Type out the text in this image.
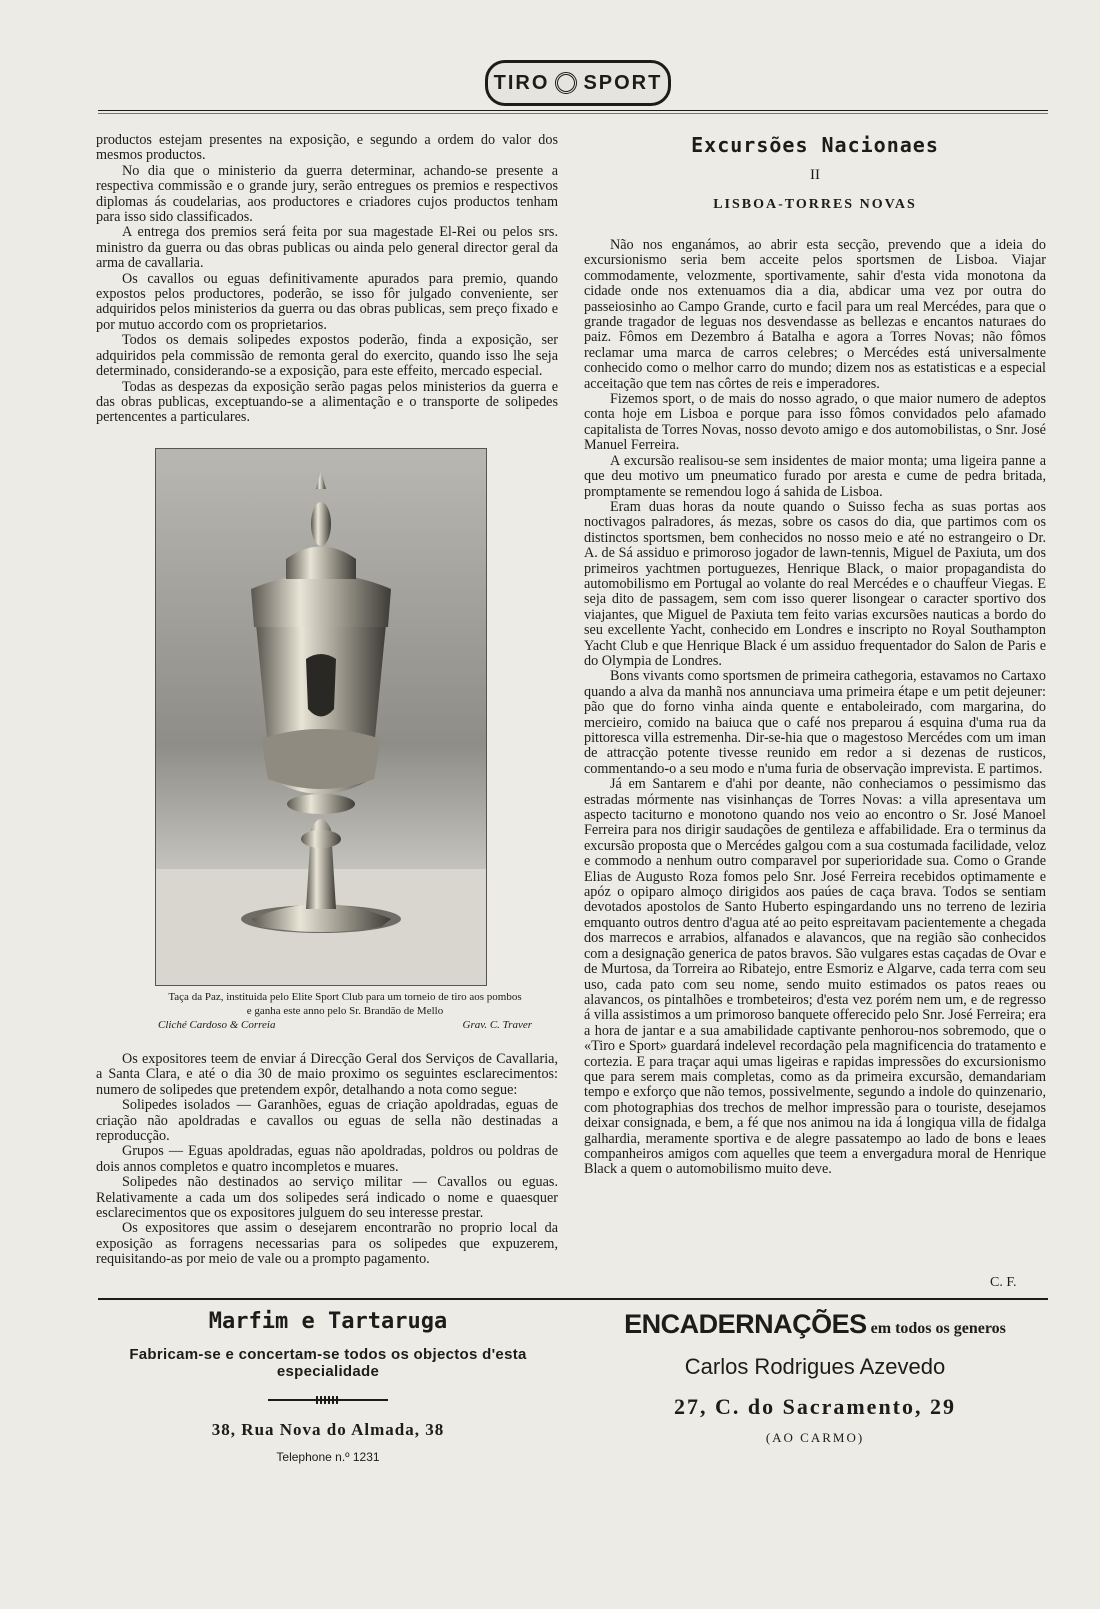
TIRO SPORT

productos estejam presentes na exposição, e segundo a ordem do valor dos mesmos productos.

No dia que o ministerio da guerra determinar, achando-se presente a respectiva commissão e o grande jury, serão entregues os premios e respectivos diplomas ás coudelarias, aos productores e criadores cujos productos tenham para isso sido classificados.

A entrega dos premios será feita por sua magestade El-Rei ou pelos srs. ministro da guerra ou das obras publicas ou ainda pelo general director geral da arma de cavallaria.

Os cavallos ou eguas definitivamente apurados para premio, quando expostos pelos productores, poderão, se isso fôr julgado conveniente, ser adquiridos pelos ministerios da guerra ou das obras publicas, sem preço fixado e por mutuo accordo com os proprietarios.

Todos os demais solipedes expostos poderão, finda a exposição, ser adquiridos pela commissão de remonta geral do exercito, quando isso lhe seja determinado, considerando-se a exposição, para este effeito, mercado especial.

Todas as despezas da exposição serão pagas pelos ministerios da guerra e das obras publicas, exceptuando-se a alimentação e o transporte de solipedes pertencentes a particulares.

Taça da Paz, instituida pelo Elite Sport Club para um torneio de tiro aos pombos
e ganha este anno pelo Sr. Brandão de Mello
Cliché Cardoso & Correia	Grav. C. Traver

Os expositores teem de enviar á Direcção Geral dos Serviços de Cavallaria, a Santa Clara, e até o dia 30 de maio proximo os seguintes esclarecimentos: numero de solipedes que pretendem expôr, detalhando a nota como segue:

Solipedes isolados — Garanhões, eguas de criação apoldradas, eguas de criação não apoldradas e cavallos ou eguas de sella não destinadas a reproducção.

Grupos — Eguas apoldradas, eguas não apoldradas, poldros ou poldras de dois annos completos e quatro incompletos e muares.

Solipedes não destinados ao serviço militar — Cavallos ou eguas. Relativamente a cada um dos solipedes será indicado o nome e quaesquer esclarecimentos que os expositores julguem do seu interesse prestar.

Os expositores que assim o desejarem encontrarão no proprio local da exposição as forragens necessarias para os solipedes que expuzerem, requisitando-as por meio de vale ou a prompto pagamento.

Excursões Nacionaes
II
LISBOA-TORRES NOVAS

Não nos enganámos, ao abrir esta secção, prevendo que a ideia do excursionismo seria bem acceite pelos sportsmen de Lisboa. Viajar commodamente, velozmente, sportivamente, sahir d'esta vida monotona da cidade onde nos extenuamos dia a dia, abdicar uma vez por outra do passeiosinho ao Campo Grande, curto e facil para um real Mercédes, para que o grande tragador de leguas nos desvendasse as bellezas e encantos naturaes do paiz. Fômos em Dezembro á Batalha e agora a Torres Novas; não fômos reclamar uma marca de carros celebres; o Mercédes está universalmente conhecido como o melhor carro do mundo; dizem nos as estatisticas e a especial acceitação que tem nas côrtes de reis e imperadores.

Fizemos sport, o de mais do nosso agrado, o que maior numero de adeptos conta hoje em Lisboa e porque para isso fômos convidados pelo afamado capitalista de Torres Novas, nosso devoto amigo e dos automobilistas, o Snr. José Manuel Ferreira.

A excursão realisou-se sem insidentes de maior monta; uma ligeira panne a que deu motivo um pneumatico furado por aresta e cume de pedra britada, promptamente se remendou logo á sahida de Lisboa.

Eram duas horas da noute quando o Suisso fecha as suas portas aos noctivagos palradores, ás mezas, sobre os casos do dia, que partimos com os distinctos sportsmen, bem conhecidos no nosso meio e até no estrangeiro o Dr. A. de Sá assiduo e primoroso jogador de lawn-tennis, Miguel de Paxiuta, um dos primeiros yachtmen portuguezes, Henrique Black, o maior propagandista do automobilismo em Portugal ao volante do real Mercédes e o chauffeur Viegas. E seja dito de passagem, sem com isso querer lisongear o caracter sportivo dos viajantes, que Miguel de Paxiuta tem feito varias excursões nauticas a bordo do seu excellente Yacht, conhecido em Londres e inscripto no Royal Southampton Yacht Club e que Henrique Black é um assiduo frequentador do Salon de Paris e do Olympia de Londres.

Bons vivants como sportsmen de primeira cathegoria, estavamos no Cartaxo quando a alva da manhã nos annunciava uma primeira étape e um petit dejeuner: pão que do forno vinha ainda quente e entaboleirado, com margarina, do mercieiro, comido na baiuca que o café nos preparou á esquina d'uma rua da pittoresca villa estremenha. Dir-se-hia que o magestoso Mercédes com um iman de attracção potente tivesse reunido em redor a si dezenas de rusticos, commentando-o a seu modo e n'uma furia de observação imprevista. E partimos.

Já em Santarem e d'ahi por deante, não conheciamos o pessimismo das estradas mórmente nas visinhanças de Torres Novas: a villa apresentava um aspecto taciturno e monotono quando nos veio ao encontro o Sr. José Manoel Ferreira para nos dirigir saudações de gentileza e affabilidade. Era o terminus da excursão proposta que o Mercédes galgou com a sua costumada facilidade, veloz e commodo a nenhum outro comparavel por superioridade sua. Como o Grande Elias de Augusto Roza fomos pelo Snr. José Ferreira recebidos optimamente e apóz o opiparo almoço dirigidos aos paúes de caça brava. Todos se sentiam devotados apostolos de Santo Huberto espingardando uns no terreno de leziria emquanto outros dentro d'agua até ao peito espreitavam pacientemente a chegada dos marrecos e arrabios, alfanados e alavancos, que na região são conhecidos com a designação generica de patos bravos. São vulgares estas caçadas de Ovar e de Murtosa, da Torreira ao Ribatejo, entre Esmoriz e Algarve, cada terra com seu uso, cada pato com seu nome, sendo muito estimados os patos reaes ou alavancos, os pintalhões e trombeteiros; d'esta vez porém nem um, e de regresso á villa assistimos a um primoroso banquete offerecido pelo Snr. José Ferreira; era a hora de jantar e a sua amabilidade captivante penhorou-nos sobremodo, que o «Tiro e Sport» guardará indelevel recordação pela magnificencia do tratamento e cortezia. E para traçar aqui umas ligeiras e rapidas impressões do excursionismo que para serem mais completas, como as da primeira excursão, demandariam tempo e exforço que não temos, possivelmente, segundo a indole do quinzenario, com photographias dos trechos de melhor impressão para o touriste, desejamos deixar consignada, e bem, a fé que nos animou na ida á longiqua villa de fidalga galhardia, meramente sportiva e de alegre passatempo ao lado de bons e leaes companheiros amigos com aquelles que teem a envergadura moral de Henrique Black a quem o automobilismo muito deve.

C. F.
Marfim e Tartaruga
Fabricam-se e concertam-se todos os objectos d'esta especialidade
38, Rua Nova do Almada, 38
Telephone n.º 1231
ENCADERNAÇÕES em todos os generos
Carlos Rodrigues Azevedo
27, C. do Sacramento, 29
(AO CARMO)
